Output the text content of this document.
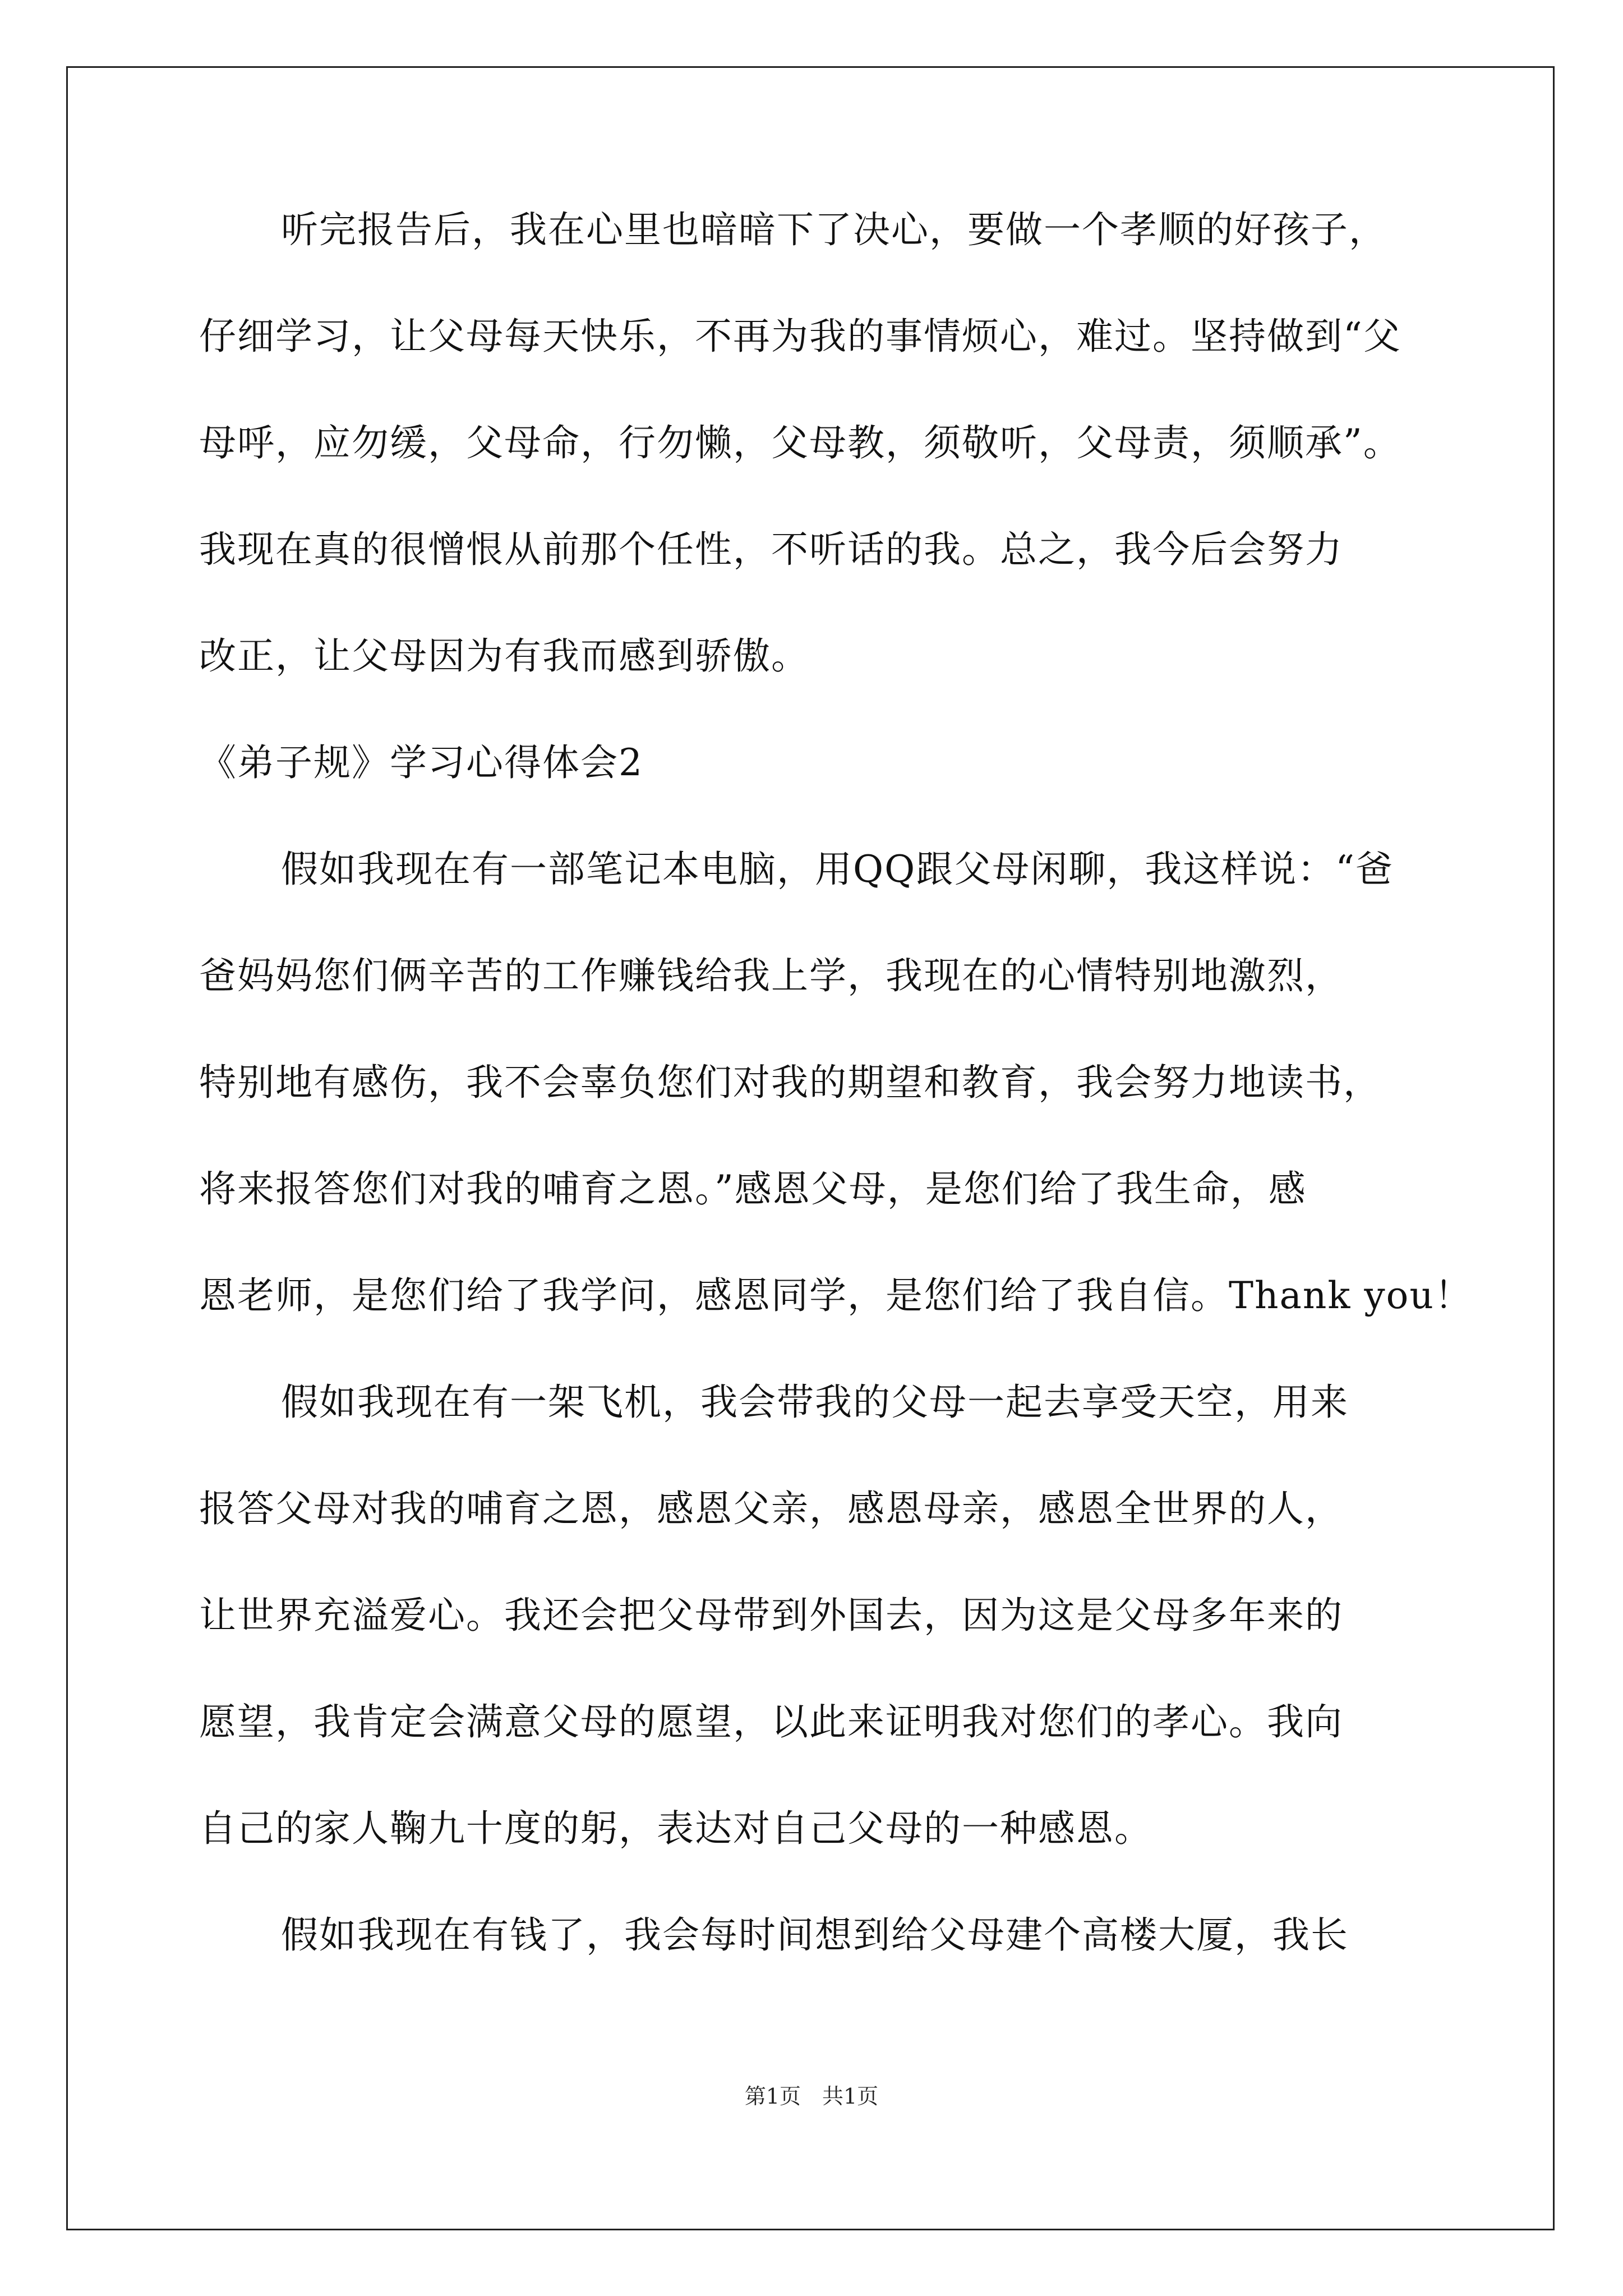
听完报告后，我在心里也暗暗下了决心，要做一个孝顺的好孩子，
仔细学习，让父母每天快乐，不再为我的事情烦心，难过。坚持做到“父
母呼，应勿缓，父母命，行勿懒，父母教，须敬听，父母责，须顺承”。
我现在真的很憎恨从前那个任性，不听话的我。总之，我今后会努力
改正，让父母因为有我而感到骄傲。
《弟子规》学习心得体会2
假如我现在有一部笔记本电脑，用QQ跟父母闲聊，我这样说：“爸
爸妈妈您们俩辛苦的工作赚钱给我上学，我现在的心情特别地激烈，
特别地有感伤，我不会辜负您们对我的期望和教育，我会努力地读书，
将来报答您们对我的哺育之恩。”感恩父母，是您们给了我生命，感
恩老师，是您们给了我学问，感恩同学，是您们给了我自信。Thank you！
假如我现在有一架飞机，我会带我的父母一起去享受天空，用来
报答父母对我的哺育之恩，感恩父亲，感恩母亲，感恩全世界的人，
让世界充溢爱心。我还会把父母带到外国去，因为这是父母多年来的
愿望，我肯定会满意父母的愿望，以此来证明我对您们的孝心。我向
自己的家人鞠九十度的躬，表达对自己父母的一种感恩。
假如我现在有钱了，我会每时间想到给父母建个高楼大厦，我长
第1页　共1页
